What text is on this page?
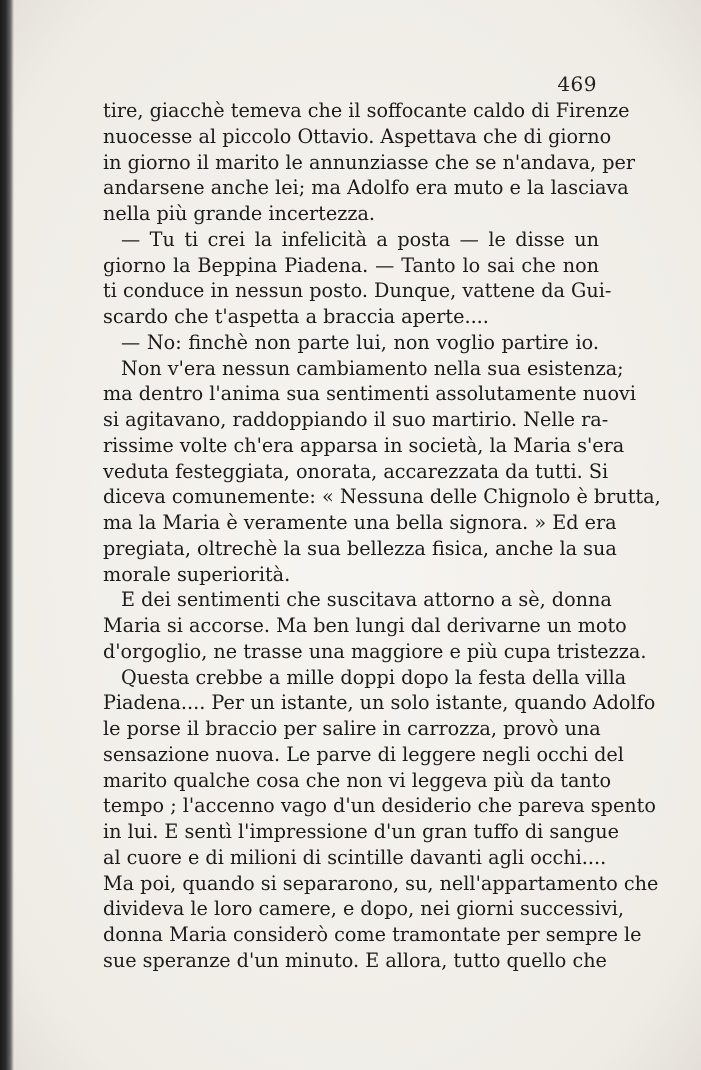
469
tire, giacchè temeva che il soffocante caldo di Firenze
nuocesse al piccolo Ottavio. Aspettava che di giorno
in giorno il marito le annunziasse che se n'andava, per
andarsene anche lei; ma Adolfo era muto e la lasciava
nella più grande incertezza.
— Tu ti crei la infelicità a posta — le disse un
giorno la Beppina Piadena. — Tanto lo sai che non
ti conduce in nessun posto. Dunque, vattene da Gui-
scardo che t'aspetta a braccia aperte....
— No: finchè non parte lui, non voglio partire io.
Non v'era nessun cambiamento nella sua esistenza;
ma dentro l'anima sua sentimenti assolutamente nuovi
si agitavano, raddoppiando il suo martirio. Nelle ra-
rissime volte ch'era apparsa in società, la Maria s'era
veduta festeggiata, onorata, accarezzata da tutti. Si
diceva comunemente: « Nessuna delle Chignolo è brutta,
ma la Maria è veramente una bella signora. » Ed era
pregiata, oltrechè la sua bellezza fisica, anche la sua
morale superiorità.
E dei sentimenti che suscitava attorno a sè, donna
Maria si accorse. Ma ben lungi dal derivarne un moto
d'orgoglio, ne trasse una maggiore e più cupa tristezza.
Questa crebbe a mille doppi dopo la festa della villa
Piadena.... Per un istante, un solo istante, quando Adolfo
le porse il braccio per salire in carrozza, provò una
sensazione nuova. Le parve di leggere negli occhi del
marito qualche cosa che non vi leggeva più da tanto
tempo ; l'accenno vago d'un desiderio che pareva spento
in lui. E sentì l'impressione d'un gran tuffo di sangue
al cuore e di milioni di scintille davanti agli occhi....
Ma poi, quando si separarono, su, nell'appartamento che
divideva le loro camere, e dopo, nei giorni successivi,
donna Maria considerò come tramontate per sempre le
sue speranze d'un minuto. E allora, tutto quello che
